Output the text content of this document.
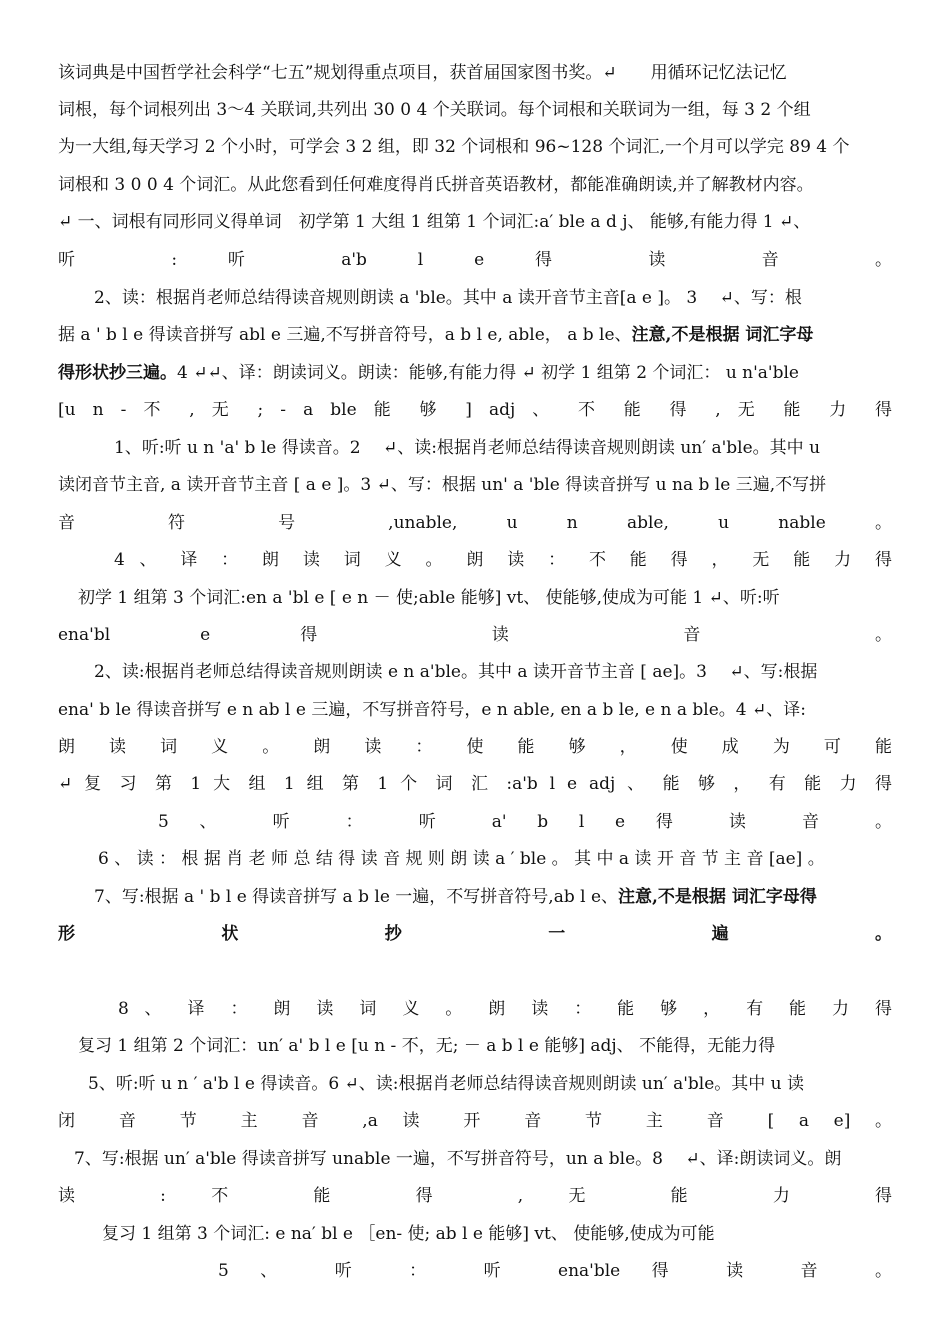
该词典是中国哲学社会科学“七五”规划得重点项目，获首届国家图书奖。↵　　用循环记忆法记忆
词根，每个词根列出 3～4 关联词,共列出 30 0 4 个关联词。每个词根和关联词为一组，每 3 2 个组
为一大组,每天学习 2 个小时，可学会 3 2 组，即 32 个词根和 96~128 个词汇,一个月可以学完 89 4 个
词根和 3 0 0 4 个词汇。从此您看到任何难度得肖氏拼音英语教材，都能准确朗读,并了解教材内容。
↵ 一、词根有同形同义得单词　初学第 1 大组 1 组第 1 个词汇:a′ ble a d j、 能够,有能力得 1 ↵、
听 : 听 a'b l e 得 读 音 。
2、读：根据肖老师总结得读音规则朗读 a 'ble。其中 a 读开音节主音[a e ]。 3 　↵、写：根
据 a ' b l e 得读音拼写 abl e 三遍,不写拼音符号，a b l e, able， a b le、注意,不是根据 词汇字母
得形状抄三遍。4 ↵↵、译：朗读词义。朗读：能够,有能力得 ↵ 初学 1 组第 2 个词汇： u n'a'ble
[u n - 不 , 无 ; - a ble 能 够 ] adj 、 不 能 得 , 无 能 力 得
1、听:听 u n 'a' b le 得读音。2 　↵、读:根据肖老师总结得读音规则朗读 un′ a'ble。其中 u
读闭音节主音, a 读开音节主音 [ a e ]。3 ↵、写：根据 un' a 'ble 得读音拼写 u na b le 三遍,不写拼
音 符 号 ,unable, u n able, u nable 。
4 、 译 ： 朗 读 词 义 。 朗 读 ： 不 能 得 ， 无 能 力 得
初学 1 组第 3 个词汇:en a 'bl e [ e n － 使;able 能够] vt、 使能够,使成为可能 1 ↵、听:听
ena'bl e 得 读 音 。
2、读:根据肖老师总结得读音规则朗读 e n a'ble。其中 a 读开音节主音 [ ae]。3 　↵、写:根据
ena' b le 得读音拼写 e n ab l e 三遍，不写拼音符号，e n able, en a b le, e n a ble。4 ↵、译:
朗 读 词 义 。 朗 读 ： 使 能 够 ， 使 成 为 可 能
↵ 复 习 第 1 大 组 1 组 第 1 个 词 汇 :a'b l e adj 、 能 够 ， 有 能 力 得
5 、 听 ： 听 a' b l e 得 读 音 。
6 、 读 ： 根 据 肖 老 师 总 结 得 读 音 规 则 朗 读 a ′ ble 。 其 中 a 读 开 音 节 主 音 [ae] 。
7、写:根据 a ' b l e 得读音拼写 a b le 一遍，不写拼音符号,ab l e、注意,不是根据 词汇字母得
形 状 抄 一 遍 。
8 、 译 ： 朗 读 词 义 。 朗 读 ： 能 够 ， 有 能 力 得
复习 1 组第 2 个词汇：un′ a' b l e [u n - 不，无; － a b l e 能够] adj、 不能得，无能力得
5、听:听 u n ′ a'b l e 得读音。6 ↵、读:根据肖老师总结得读音规则朗读 un′ a'ble。其中 u 读
闭 音 节 主 音 ,a 读 开 音 节 主 音 [ a e] 。
7、写:根据 un′ a'ble 得读音拼写 unable 一遍，不写拼音符号，un a ble。8 　↵、译:朗读词义。朗
读 : 不 能 得 , 无 能 力 得
复习 1 组第 3 个词汇: e na′ bl e ［en- 使; ab l e 能够] vt、 使能够,使成为可能
5 、 听 ： 听 ena'ble 得 读 音 。
